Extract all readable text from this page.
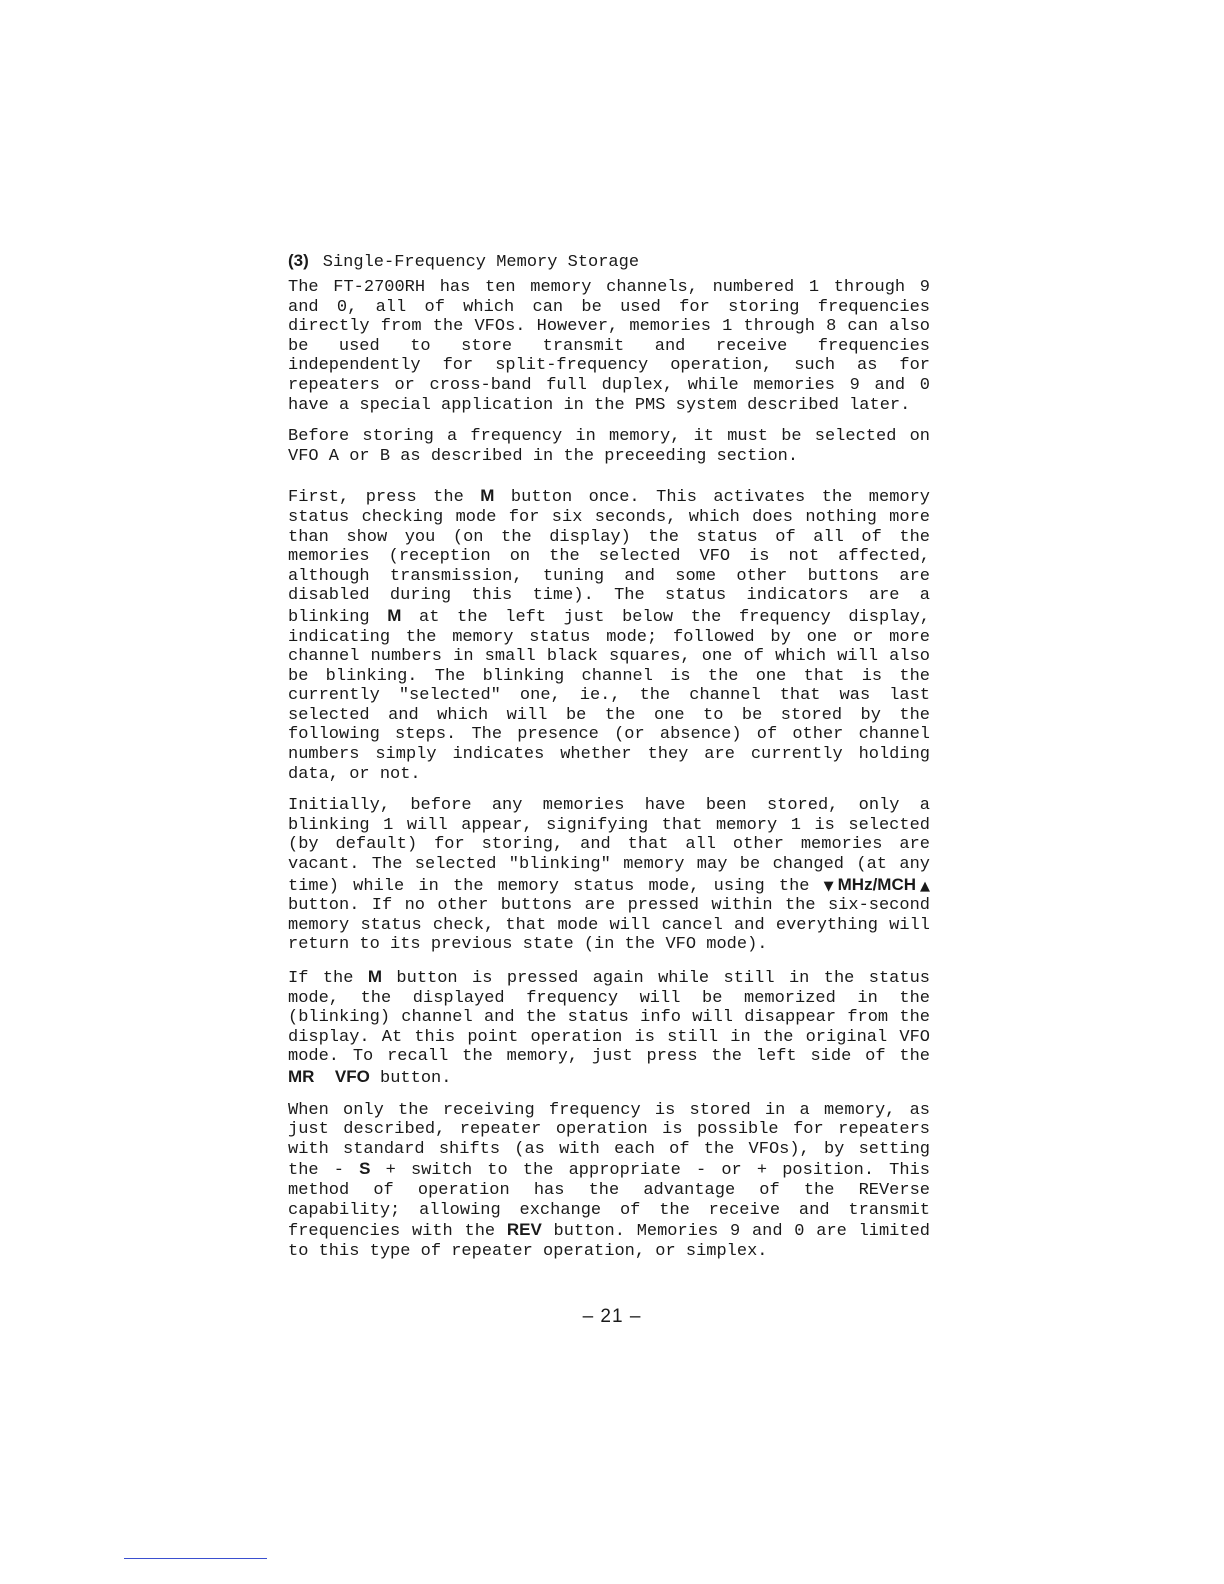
(3) Single-Frequency Memory Storage

The FT-2700RH has ten memory channels, numbered 1 through 9 and 0, all of which can be used for storing frequencies directly from the VFOs. However, memories 1 through 8 can also be used to store transmit and receive frequencies independently for split-frequency operation, such as for repeaters or cross-band full duplex, while memories 9 and 0 have a special application in the PMS system described later.

Before storing a frequency in memory, it must be selected on VFO A or B as described in the preceeding section.

First, press the M button once. This activates the memory status checking mode for six seconds, which does nothing more than show you (on the display) the status of all of the memories (reception on the selected VFO is not affected, although transmission, tuning and some other buttons are disabled during this time). The status indicators are a blinking M at the left just below the frequency display, indicating the memory status mode; followed by one or more channel numbers in small black squares, one of which will also be blinking. The blinking channel is the one that is the currently "selected" one, ie., the channel that was last selected and which will be the one to be stored by the following steps. The presence (or absence) of other channel numbers simply indicates whether they are currently holding data, or not.

Initially, before any memories have been stored, only a blinking 1 will appear, signifying that memory 1 is selected (by default) for storing, and that all other memories are vacant. The selected "blinking" memory may be changed (at any time) while in the memory status mode, using the ▼MHz/MCH▲ button. If no other buttons are pressed within the six-second memory status check, that mode will cancel and everything will return to its previous state (in the VFO mode).

If the M button is pressed again while still in the status mode, the displayed frequency will be memorized in the (blinking) channel and the status info will disappear from the display. At this point operation is still in the original VFO mode. To recall the memory, just press the left side of the MR VFO button.

When only the receiving frequency is stored in a memory, as just described, repeater operation is possible for repeaters with standard shifts (as with each of the VFOs), by setting the - S + switch to the appropriate - or + position. This method of operation has the advantage of the REVerse capability; allowing exchange of the receive and transmit frequencies with the REV button. Memories 9 and 0 are limited to this type of repeater operation, or simplex.

– 21 –
